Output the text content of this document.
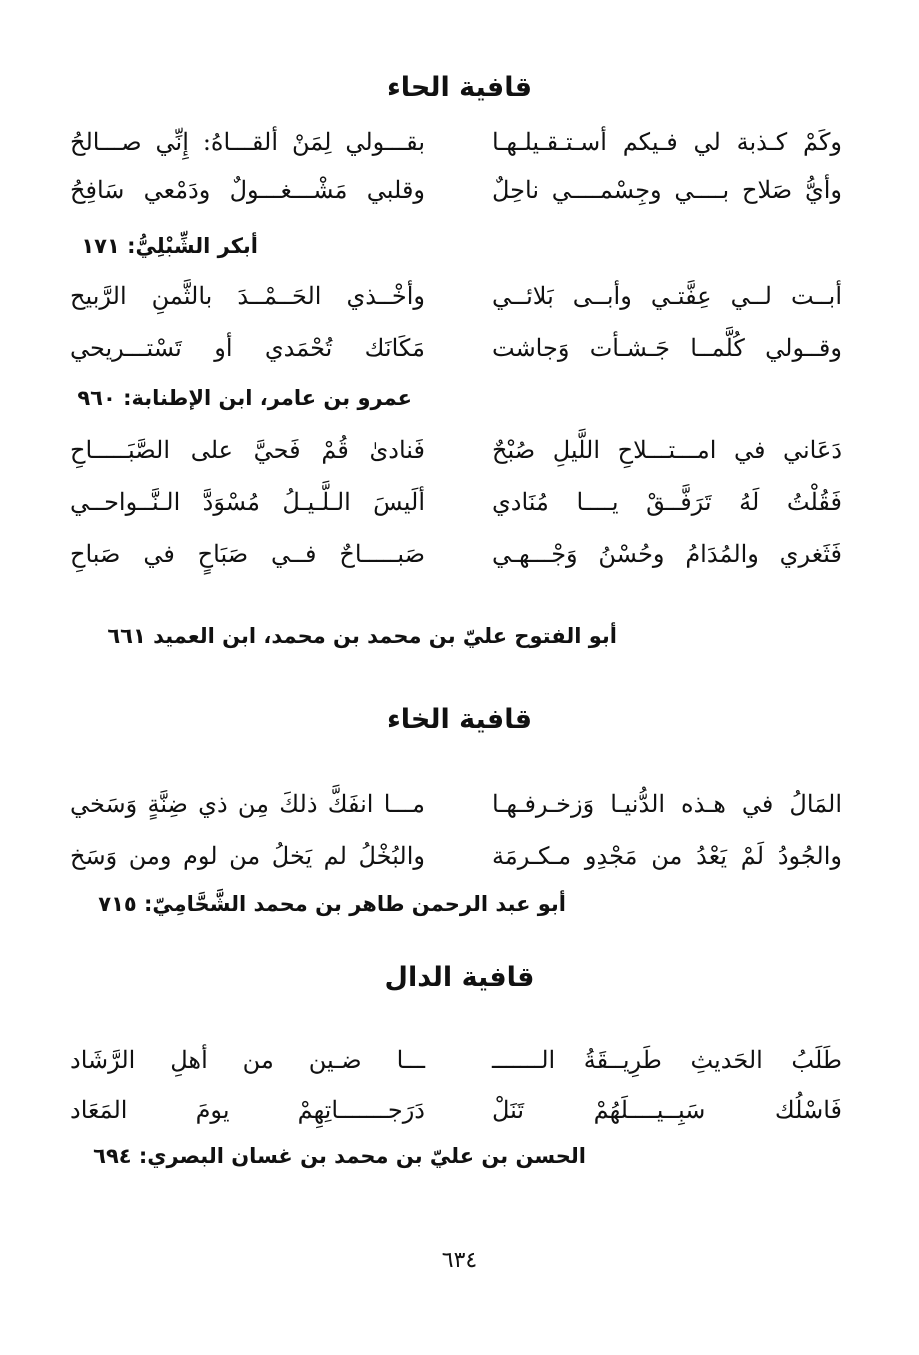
قافية الحاء
وكَمْ كـذبة لي فـيكم أسـتـقـيلـهـا
بقـــولي لِمَنْ ألقـــاهُ: إِنِّي صـــالحُ
وأيُّ صَلاح بــــي وجِسْمــــي ناحِلٌ
وقلبي مَشْـــغـــولٌ ودَمْعي سَافِحُ
أبكر الشِّبْلِيُّ: ١٧١
أبــت لــي عِفَّتـي وأبــى بَلائــي
وأخْــذي الحَــمْــدَ بالثَّمنِ الرَّبيح
وقــولي كُلَّمــا جَـشـأت وَجاشت
مَكَانَك تُحْمَدي أو تَسْتـــريحي
عمرو بن عامر، ابن الإطنابة: ٩٦٠
دَعَاني في امـــتـــلاحِ اللَّيلِ صُبْحٌ
فَنادىٰ قُمْ فَحيَّ على الصَّبَـــــاحِ
فَقُلْتُ لَهُ تَرَفَّــقْ يــــا مُنَادي
ألَيسَ الـلَّـيـلُ مُسْوَدَّ الـنَّــواحــي
فَثَغري والمُدَامُ وحُسْنُ وَجْـــهـي
صَبـــــاحٌ فــي صَبَاحٍ في صَباحِ
أبو الفتوح عليّ بن محمد بن محمد، ابن العميد ٦٦١
قافية الخاء
المَالُ في هـذه الدُّنيـا وَزخـرفـهـا
مـــا انفَكَّ ذلكَ مِن ذي ضِنَّةٍ وَسَخي
والجُودُ لَمْ يَعْدُ من مَجْدِو مـكـرمَة
والبُخْلُ لم يَخلُ من لوم ومن وَسَخ
أبو عبد الرحمن طاهر بن محمد الشَّحَّامِيّ: ٧١٥
قافية الدال
طَلَبُ الحَديثِ طَرِيــقَةُ الـــــــ
ـــا ضـين من أهلِ الرَّشَاد
فَاسْلُك سَبِــيــــلَهُمْ تَنَلْ
دَرَجـــــــاتِهِمْ يومَ المَعَاد
الحسن بن عليّ بن محمد بن غسان البصري: ٦٩٤
٦٣٤
